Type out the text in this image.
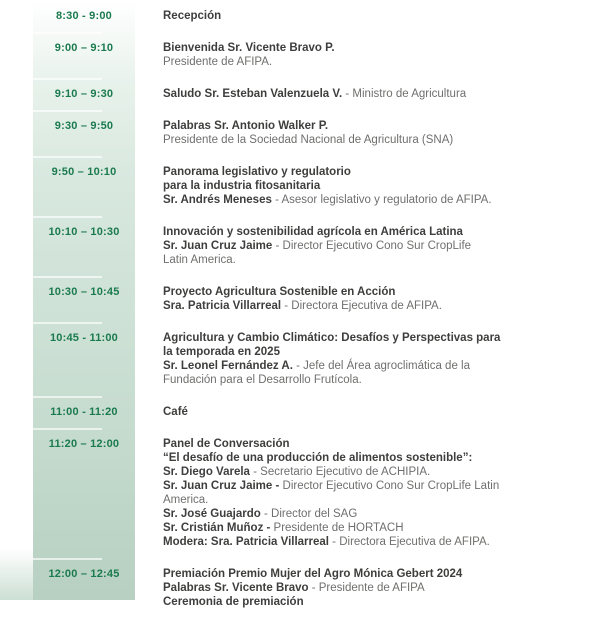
8:30 - 9:00	Recepción
9:00 – 9:10	Bienvenida Sr. Vicente Bravo P.
Presidente de AFIPA.
9:10 – 9:30	Saludo Sr. Esteban Valenzuela V. - Ministro de Agricultura
9:30 – 9:50	Palabras Sr. Antonio Walker P.
Presidente de la Sociedad Nacional de Agricultura (SNA)
9:50 – 10:10	Panorama legislativo y regulatorio
para la industria fitosanitaria
Sr. Andrés Meneses - Asesor legislativo y regulatorio de AFIPA.
10:10 – 10:30	Innovación y sostenibilidad agrícola en América Latina
Sr. Juan Cruz Jaime - Director Ejecutivo Cono Sur CropLife
Latin America.
10:30 – 10:45	Proyecto Agricultura Sostenible en Acción
Sra. Patricia Villarreal - Directora Ejecutiva de AFIPA.
10:45 - 11:00	Agricultura y Cambio Climático: Desafíos y Perspectivas para
la temporada en 2025
Sr. Leonel Fernández A. - Jefe del Área agroclimática de la
Fundación para el Desarrollo Frutícola.
11:00 - 11:20	Café
11:20 – 12:00	Panel de Conversación
“El desafío de una producción de alimentos sostenible”:
Sr. Diego Varela - Secretario Ejecutivo de ACHIPIA.
Sr. Juan Cruz Jaime - Director Ejecutivo Cono Sur CropLife Latin
America.
Sr. José Guajardo - Director del SAG
Sr. Cristián Muñoz - Presidente de HORTACH
Modera: Sra. Patricia Villarreal - Directora Ejecutiva de AFIPA.
12:00 – 12:45	Premiación Premio Mujer del Agro Mónica Gebert 2024
Palabras Sr. Vicente Bravo - Presidente de AFIPA
Ceremonia de premiación
